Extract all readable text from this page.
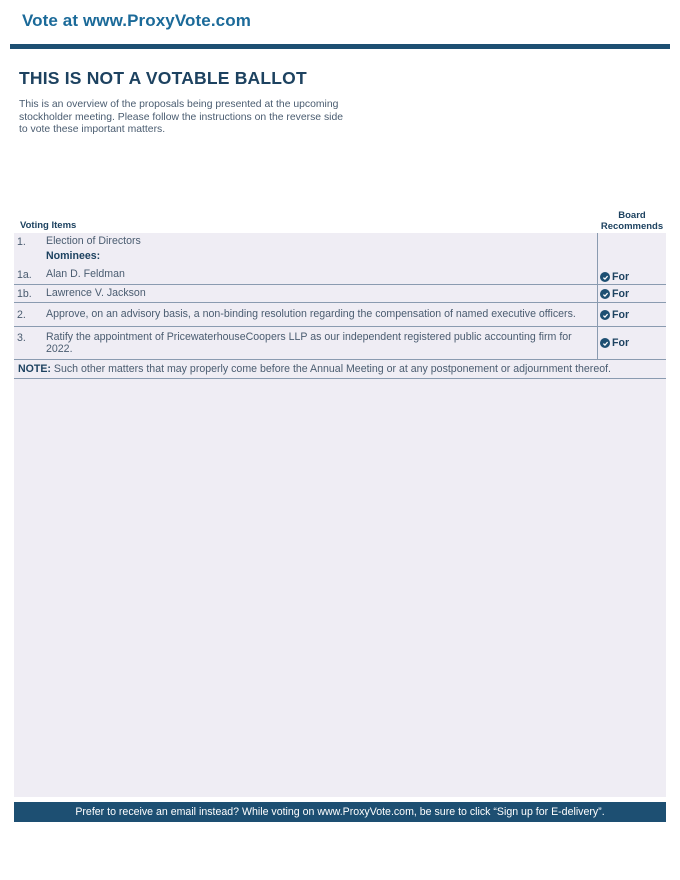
Vote at www.ProxyVote.com
THIS IS NOT A VOTABLE BALLOT
This is an overview of the proposals being presented at the upcoming stockholder meeting. Please follow the instructions on the reverse side to vote these important matters.
Voting Items
Board Recommends
1. Election of Directors
Nominees:
1a. Alan D. Feldman	For
1b. Lawrence V. Jackson	For
2. Approve, on an advisory basis, a non-binding resolution regarding the compensation of named executive officers.	For
3. Ratify the appointment of PricewaterhouseCoopers LLP as our independent registered public accounting firm for 2022.	For
NOTE: Such other matters that may properly come before the Annual Meeting or at any postponement or adjournment thereof.
Prefer to receive an email instead? While voting on www.ProxyVote.com, be sure to click “Sign up for E-delivery”.
